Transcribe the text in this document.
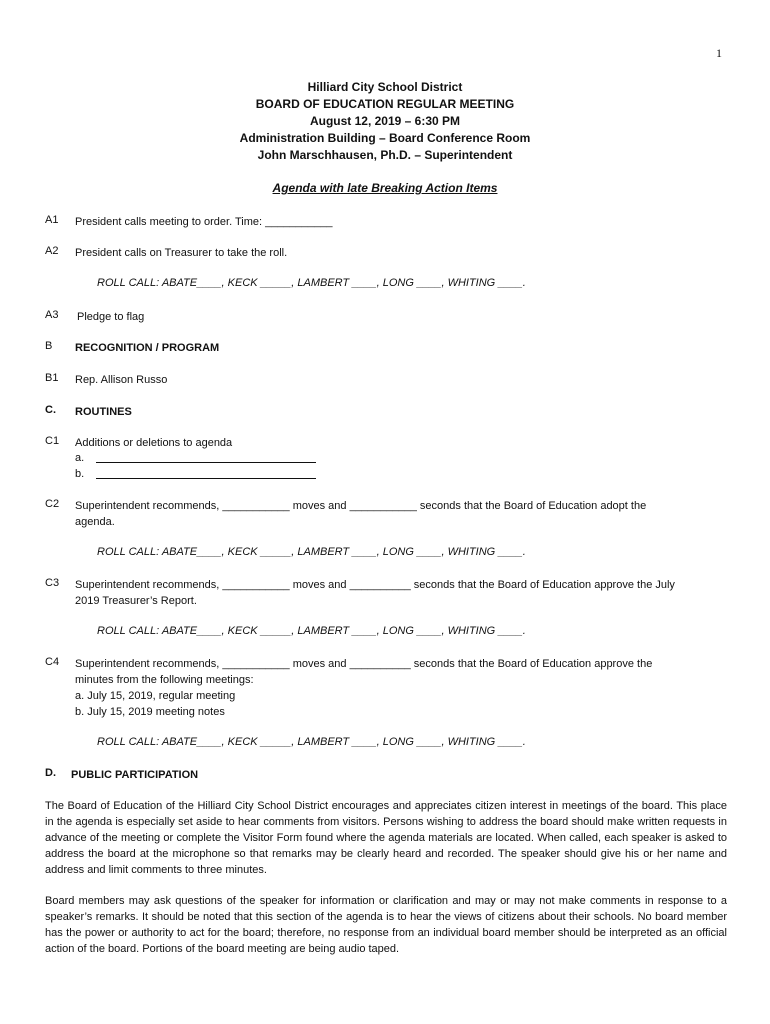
1
Hilliard City School District
BOARD OF EDUCATION REGULAR MEETING
August 12, 2019 – 6:30 PM
Administration Building – Board Conference Room
John Marschhausen, Ph.D. – Superintendent
Agenda with late Breaking Action Items
A1 President calls meeting to order. Time: ___________
A2 President calls on Treasurer to take the roll.
ROLL CALL: ABATE____, KECK _____, LAMBERT ____, LONG ____, WHITING ____.
A3 Pledge to flag
B RECOGNITION / PROGRAM
B1 Rep. Allison Russo
C. ROUTINES
C1 Additions or deletions to agenda
a.
b.
C2 Superintendent recommends, ___________ moves and ___________ seconds that the Board of Education adopt the
agenda.
ROLL CALL: ABATE____, KECK _____, LAMBERT ____, LONG ____, WHITING ____.
C3 Superintendent recommends, ___________ moves and __________ seconds that the Board of Education approve the July
2019 Treasurer’s Report.
ROLL CALL: ABATE____, KECK _____, LAMBERT ____, LONG ____, WHITING ____.
C4 Superintendent recommends, ___________ moves and __________ seconds that the Board of Education approve the
minutes from the following meetings:
a. July 15, 2019, regular meeting
b. July 15, 2019 meeting notes
ROLL CALL: ABATE____, KECK _____, LAMBERT ____, LONG ____, WHITING ____.
D. PUBLIC PARTICIPATION
The Board of Education of the Hilliard City School District encourages and appreciates citizen interest in meetings of the board. This place in the agenda is especially set aside to hear comments from visitors. Persons wishing to address the board should make written requests in advance of the meeting or complete the Visitor Form found where the agenda materials are located. When called, each speaker is asked to address the board at the microphone so that remarks may be clearly heard and recorded. The speaker should give his or her name and address and limit comments to three minutes.
Board members may ask questions of the speaker for information or clarification and may or may not make comments in response to a speaker’s remarks. It should be noted that this section of the agenda is to hear the views of citizens about their schools. No board member has the power or authority to act for the board; therefore, no response from an individual board member should be interpreted as an official action of the board. Portions of the board meeting are being audio taped.
